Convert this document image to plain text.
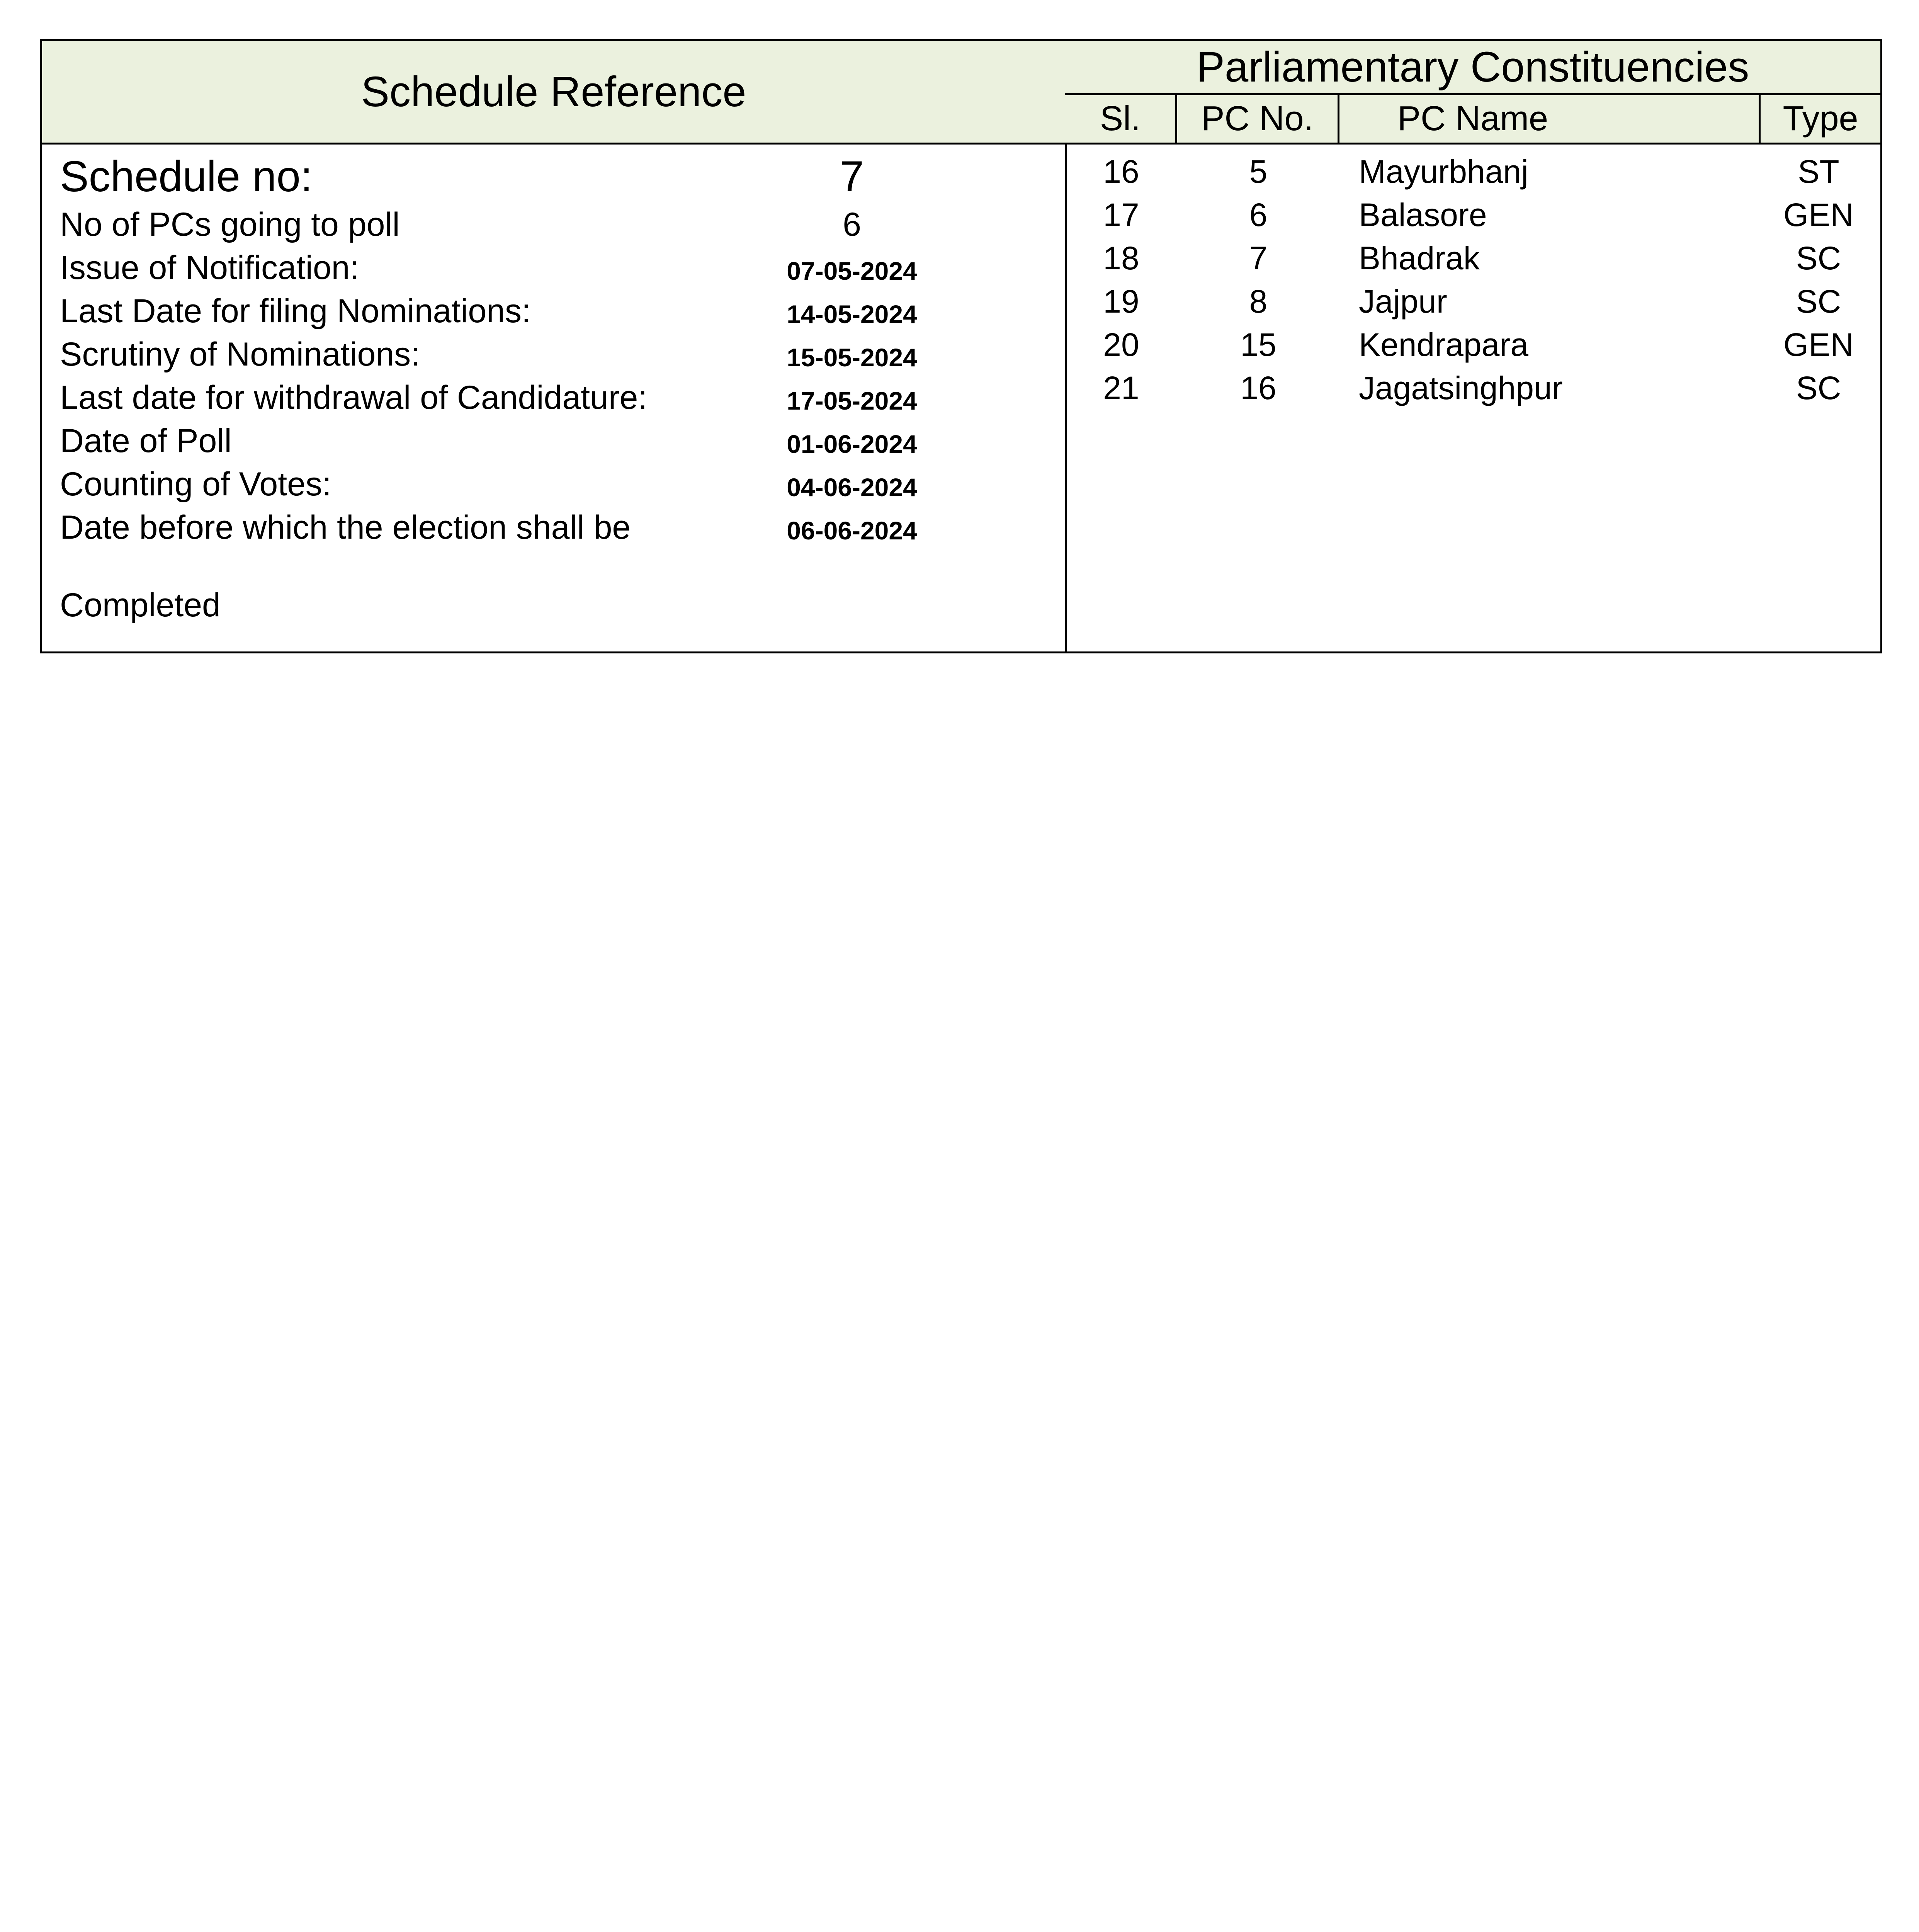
Schedule Reference
Schedule no:	7
No of PCs going to poll	6
Issue of Notification:	07-05-2024
Last Date for filing Nominations:	14-05-2024
Scrutiny of Nominations:	15-05-2024
Last date for withdrawal of Candidature:	17-05-2024
Date of Poll	01-06-2024
Counting of Votes:	04-06-2024
Date before which the election shall be	06-06-2024
Completed
Parliamentary Constituencies
Sl.	PC No.	PC Name	Type
16	5	Mayurbhanj	ST
17	6	Balasore	GEN
18	7	Bhadrak	SC
19	8	Jajpur	SC
20	15	Kendrapara	GEN
21	16	Jagatsinghpur	SC
